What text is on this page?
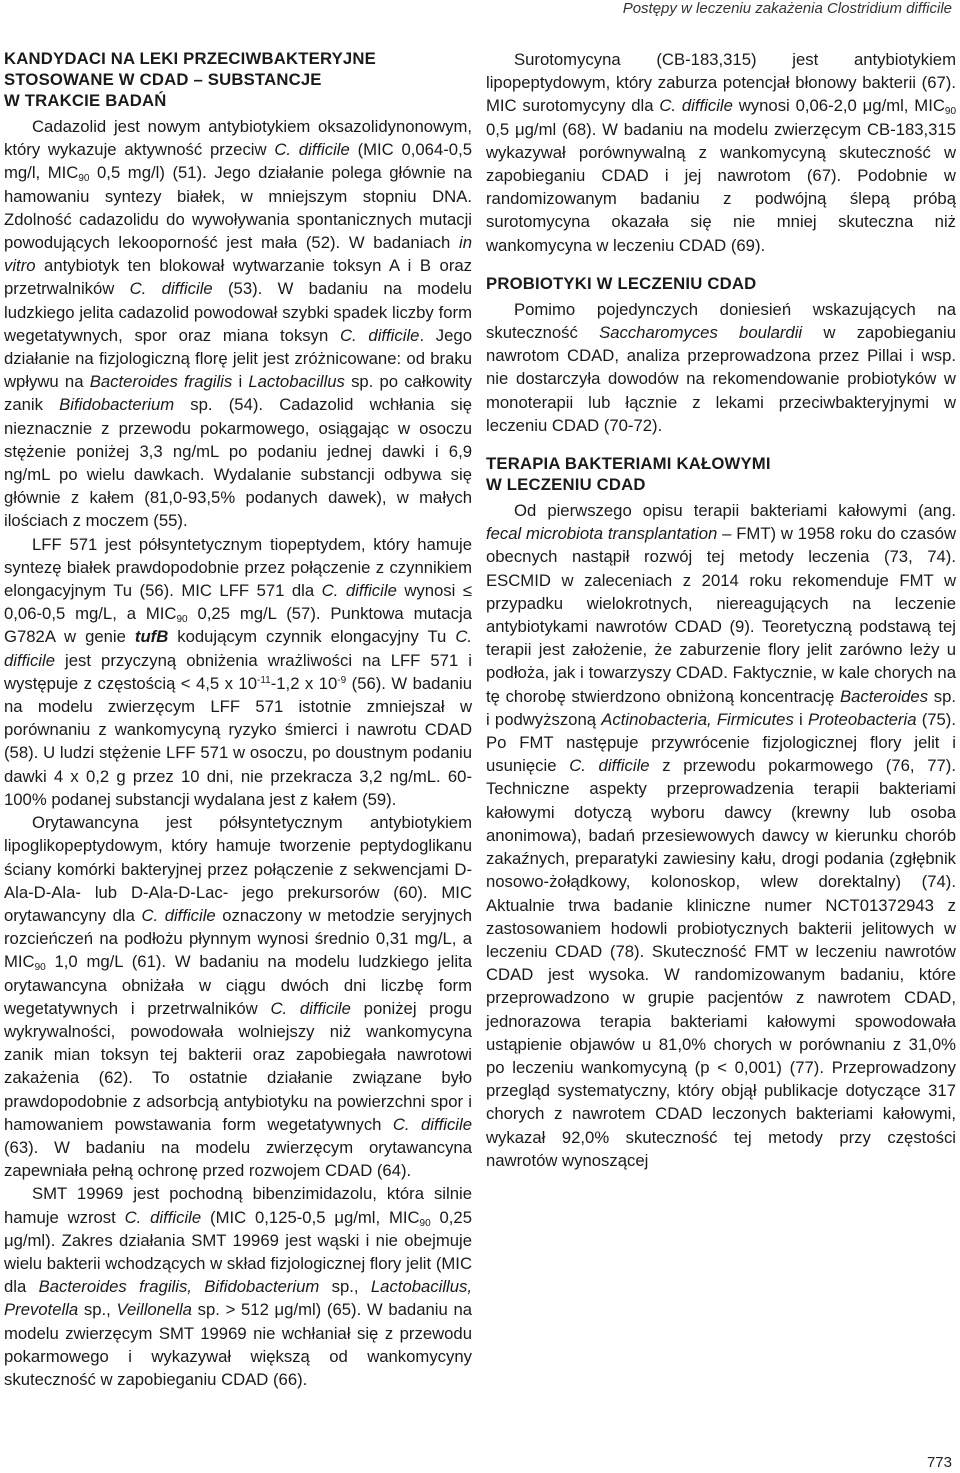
Postępy w leczeniu zakażenia Clostridium difficile
KANDYDACI NA LEKI PRZECIWBAKTERYJNE
STOSOWANE W CDAD – SUBSTANCJE
W TRAKCIE BADAŃ

Cadazolid jest nowym antybiotykiem oksazolidynonowym, który wykazuje aktywność przeciw C. difficile (MIC 0,064-0,5 mg/l, $MIC_{90}$ 0,5 mg/l) (51). Jego działanie polega głównie na hamowaniu syntezy białek, w mniejszym stopniu DNA. Zdolność cadazolidu do wywoływania spontanicznych mutacji powodujących lekooporność jest mała (52). W badaniach in vitro antybiotyk ten blokował wytwarzanie toksyn A i B oraz przetrwalników C. difficile (53). W badaniu na modelu ludzkiego jelita cadazolid powodował szybki spadek liczby form wegetatywnych, spor oraz miana toksyn C. difficile. Jego działanie na fizjologiczną florę jelit jest zróżnicowane: od braku wpływu na Bacteroides fragilis i Lactobacillus sp. po całkowity zanik Bifidobacterium sp. (54). Cadazolid wchłania się nieznacznie z przewodu pokarmowego, osiągając w osoczu stężenie poniżej 3,3 ng/mL po podaniu jednej dawki i 6,9 ng/mL po wielu dawkach. Wydalanie substancji odbywa się głównie z kałem (81,0-93,5% podanych dawek), w małych ilościach z moczem (55).

LFF 571 jest półsyntetycznym tiopeptydem, który hamuje syntezę białek prawdopodobnie przez połączenie z czynnikiem elongacyjnym Tu (56). MIC LFF 571 dla C. difficile wynosi ≤ 0,06-0,5 mg/L, a $MIC_{90}$ 0,25 mg/L (57). Punktowa mutacja G782A w genie tufB kodującym czynnik elongacyjny Tu C. difficile jest przyczyną obniżenia wrażliwości na LFF 571 i występuje z częstością < 4,5 x $10^{-11}-1,2$ x $10^{-9}$ (56). W badaniu na modelu zwierzęcym LFF 571 istotnie zmniejszał w porównaniu z wankomycyną ryzyko śmierci i nawrotu CDAD (58). U ludzi stężenie LFF 571 w osoczu, po doustnym podaniu dawki 4 x 0,2 g przez 10 dni, nie przekracza 3,2 ng/mL. 60-100% podanej substancji wydalana jest z kałem (59).

Orytawancyna jest półsyntetycznym antybiotykiem lipoglikopeptydowym, który hamuje tworzenie peptydoglikanu ściany komórki bakteryjnej przez połączenie z sekwencjami D-Ala-D-Ala- lub D-Ala-D-Lac- jego prekursorów (60). MIC orytawancyny dla C. difficile oznaczony w metodzie seryjnych rozcieńczeń na podłożu płynnym wynosi średnio 0,31 mg/L, a $MIC_{90}$ 1,0 mg/L (61). W badaniu na modelu ludzkiego jelita orytawancyna obniżała w ciągu dwóch dni liczbę form wegetatywnych i przetrwalników C. difficile poniżej progu wykrywalności, powodowała wolniejszy niż wankomycyna zanik mian toksyn tej bakterii oraz zapobiegała nawrotowi zakażenia (62). To ostatnie działanie związane było prawdopodobnie z adsorbcją antybiotyku na powierzchni spor i hamowaniem powstawania form wegetatywnych C. difficile (63). W badaniu na modelu zwierzęcym orytawancyna zapewniała pełną ochronę przed rozwojem CDAD (64).

SMT 19969 jest pochodną bibenzimidazolu, która silnie hamuje wzrost C. difficile (MIC 0,125-0,5 μg/ml, $MIC_{90}$ 0,25 μg/ml). Zakres działania SMT 19969 jest wąski i nie obejmuje wielu bakterii wchodzących w skład fizjologicznej flory jelit (MIC dla Bacteroides fragilis, Bifidobacterium sp., Lactobacillus, Prevotella sp., Veillonella sp. > 512 μg/ml) (65). W badaniu na modelu zwierzęcym SMT 19969 nie wchłaniał się z przewodu pokarmowego i wykazywał większą od wankomycyny skuteczność w zapobieganiu CDAD (66).

Surotomycyna (CB-183,315) jest antybiotykiem lipopeptydowym, który zaburza potencjał błonowy bakterii (67). MIC surotomycyny dla C. difficile wynosi 0,06-2,0 μg/ml, $MIC_{90}$ 0,5 μg/ml (68). W badaniu na modelu zwierzęcym CB-183,315 wykazywał porównywalną z wankomycyną skuteczność w zapobieganiu CDAD i jej nawrotom (67). Podobnie w randomizowanym badaniu z podwójną ślepą próbą surotomycyna okazała się nie mniej skuteczna niż wankomycyna w leczeniu CDAD (69).

PROBIOTYKI W LECZENIU CDAD

Pomimo pojedynczych doniesień wskazujących na skuteczność Saccharomyces boulardii w zapobieganiu nawrotom CDAD, analiza przeprowadzona przez Pillai i wsp. nie dostarczyła dowodów na rekomendowanie probiotyków w monoterapii lub łącznie z lekami przeciwbakteryjnymi w leczeniu CDAD (70-72).

TERAPIA BAKTERIAMI KAŁOWYMI
W LECZENIU CDAD

Od pierwszego opisu terapii bakteriami kałowymi (ang. fecal microbiota transplantation – FMT) w 1958 roku do czasów obecnych nastąpił rozwój tej metody leczenia (73, 74). ESCMID w zaleceniach z 2014 roku rekomenduje FMT w przypadku wielokrotnych, niereagujących na leczenie antybiotykami nawrotów CDAD (9). Teoretyczną podstawą tej terapii jest założenie, że zaburzenie flory jelit zarówno leży u podłoża, jak i towarzyszy CDAD. Faktycznie, w kale chorych na tę chorobę stwierdzono obniżoną koncentrację Bacteroides sp. i podwyższoną Actinobacteria, Firmicutes i Proteobacteria (75). Po FMT następuje przywrócenie fizjologicznej flory jelit i usunięcie C. difficile z przewodu pokarmowego (76, 77). Techniczne aspekty przeprowadzenia terapii bakteriami kałowymi dotyczą wyboru dawcy (krewny lub osoba anonimowa), badań przesiewowych dawcy w kierunku chorób zakaźnych, preparatyki zawiesiny kału, drogi podania (zgłębnik nosowo-żołądkowy, kolonoskop, wlew dorektalny) (74). Aktualnie trwa badanie kliniczne numer NCT01372943 z zastosowaniem hodowli probiotycznych bakterii jelitowych w leczeniu CDAD (78). Skuteczność FMT w leczeniu nawrotów CDAD jest wysoka. W randomizowanym badaniu, które przeprowadzono w grupie pacjentów z nawrotem CDAD, jednorazowa terapia bakteriami kałowymi spowodowała ustąpienie objawów u 81,0% chorych w porównaniu z 31,0% po leczeniu wankomycyną (p < 0,001) (77). Przeprowadzony przegląd systematyczny, który objął publikacje dotyczące 317 chorych z nawrotem CDAD leczonych bakteriami kałowymi, wykazał 92,0% skuteczność tej metody przy częstości nawrotów wynoszącej

773
